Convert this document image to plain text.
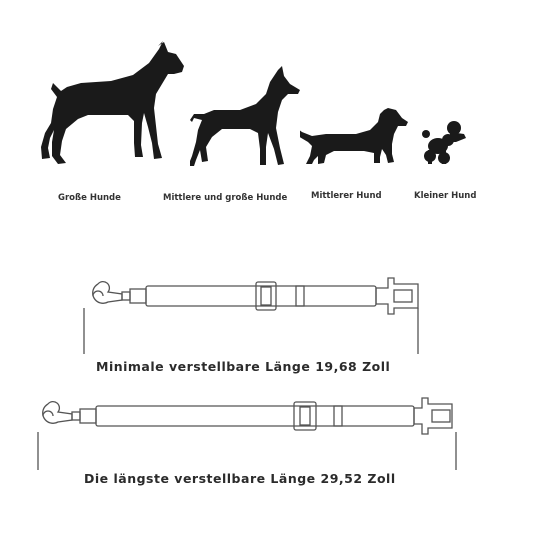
Große Hunde	Mittlere und große Hunde	Mittlerer Hund	Kleiner Hund
Minimale verstellbare Länge 19,68 Zoll
Die längste verstellbare Länge 29,52 Zoll
